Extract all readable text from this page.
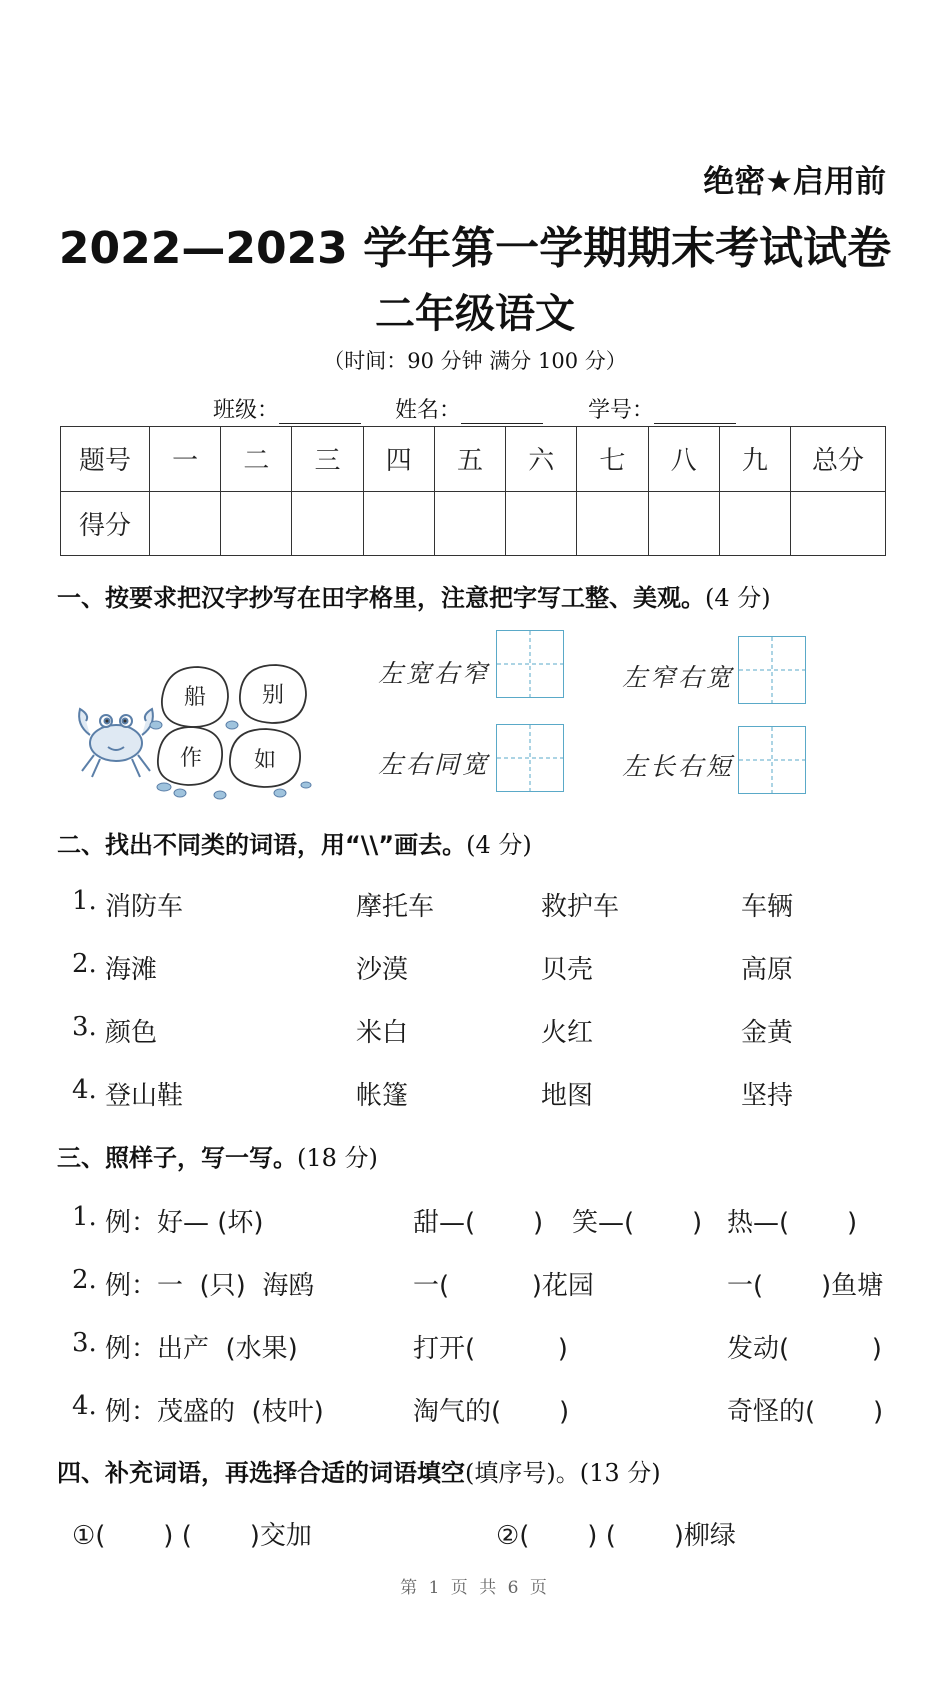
绝密★启用前
2022—2023 学年第一学期期末考试试卷
二年级语文
（时间：90 分钟 满分 100 分）
班级：	姓名：	学号：
题号	一	二	三	四	五	六	七	八	九	总分
得分										
一、按要求把汉字抄写在田字格里，注意把字写工整、美观。(4 分)
船	别
作 如
左宽右窄	左窄右宽
左右同宽	左长右短
二、找出不同类的词语，用“\\”画去。(4 分)
1. 消防车	摩托车	救护车	车辆
2. 海滩	沙漠	贝壳	高原
3. 颜色	米白	火红	金黄
4. 登山鞋	帐篷	地图	坚持
三、照样子，写一写。(18 分)
1. 例：好— (坏)	甜—(       ) 笑—(       ) 热—(       )
2. 例：一  (只)  海鸥	一(          )花园	一(       )鱼塘
3. 例：出产  (水果)	打开(          )	发动(          )
4. 例：茂盛的  (枝叶)	淘气的(       )	奇怪的(       )
四、补充词语，再选择合适的词语填空(填序号)。(13 分)
①(       ) (       )交加	②(       ) (       )柳绿
第 1 页 共 6 页
